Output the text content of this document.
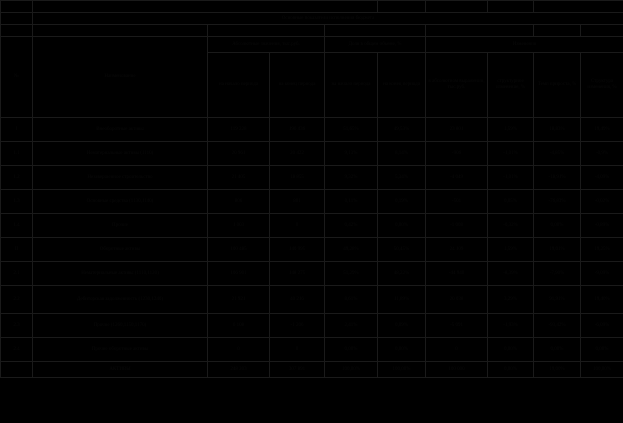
	Основные показатели исполнения бюджета								

№	Наименование	Абсолютные значения, тыс.руб.		Доля в общем объеме, %		Изменения			
		на начало периода	на конец периода	на начало периода	на конец периода	в абсолютном выражении, тыс.руб.	структурное изменение, %	Темп прироста, %	Структура изменения, %
I	Внеоборотные активы	119 228	196 436	51,65%	49,53%	23 801	1,59%	18,83%	19,49%
1.1	Нематериальные активы (1110)	20 961	20 422	9,13%	8,14%	-906	-1,01%	-4,85%	-0,9%
1.2	Незавершенное строительство	21 405	18 855	9,32%	5,34%	-4 049	-1,01%	-18,91%	-4,09%
1.3	Основные средства (1130,1140)	806	801	0,11%	0,19%	-501	0,05%	-76,83%	-0,02%
1.4	Прочие	1 003	0	0,42%	0,00%	-1 008	-0,32%	0,00%	-0,89%
II	Оборотные активы	100 485	140 995	49,28%	50,45%	24 109	1,59%	19,01%	19,25%
2.1	Нематериальные активы (1110,1120)	106 901	148 275	51,29%	48,22%	-44 940	-8,39%	-7,90%	-9,09%
2.2	Дебиторская задолженность (1230,1240)	21 921	40 216	8,61%	11,89%	20 038	3,29%	91,91%	19,40%
2.3	Прочие (1260,1150,1170)	6 108	-1 206	2,41%	0,09%	-5 091	-1,93%	-93,42%	-6,09%
2.4	Прочие оборотные активы	0	0	0,00%	0,00%	0	0,00%	0,00%	0,00%
	АКТИВЫ	248 203	307 891	100,00%	100,00%	100 000	0,00%	19,00%	100,00%
